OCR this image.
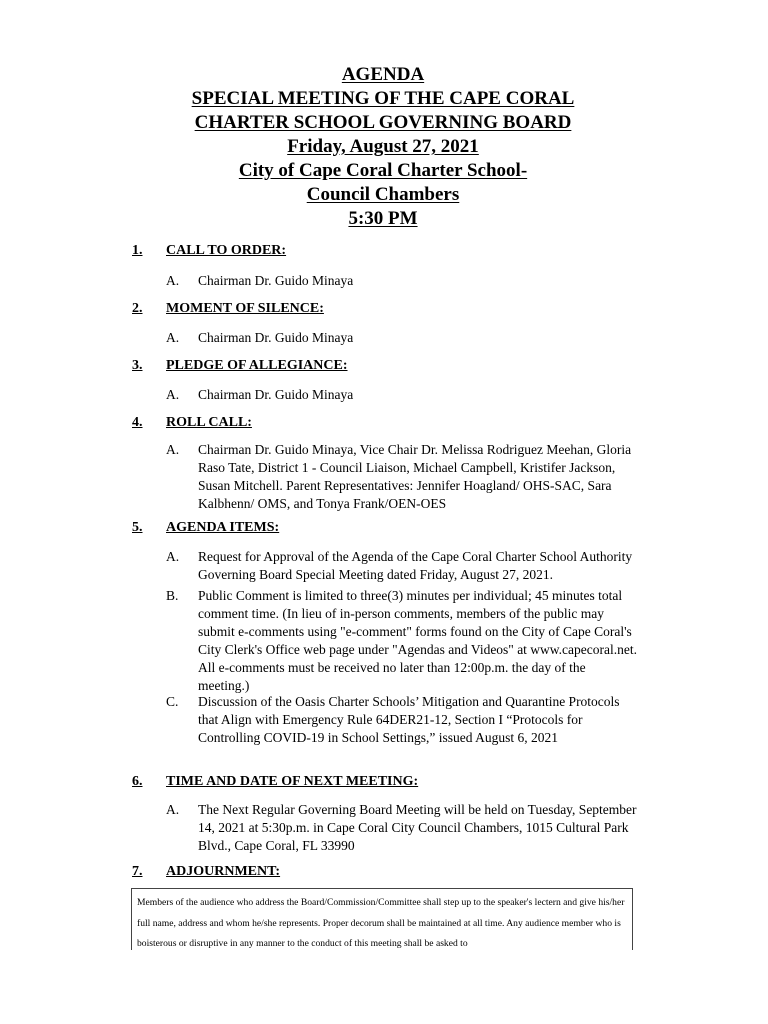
AGENDA
SPECIAL MEETING OF THE CAPE CORAL
CHARTER SCHOOL GOVERNING BOARD
Friday, August 27, 2021
City of Cape Coral Charter School-
Council Chambers
5:30 PM
1. CALL TO ORDER:
A. Chairman Dr. Guido Minaya
2. MOMENT OF SILENCE:
A. Chairman Dr. Guido Minaya
3. PLEDGE OF ALLEGIANCE:
A. Chairman Dr. Guido Minaya
4. ROLL CALL:
A. Chairman Dr. Guido Minaya, Vice Chair Dr. Melissa Rodriguez Meehan, Gloria Raso Tate, District 1 - Council Liaison, Michael Campbell, Kristifer Jackson, Susan Mitchell. Parent Representatives: Jennifer Hoagland/ OHS-SAC, Sara Kalbhenn/ OMS, and Tonya Frank/OEN-OES
5. AGENDA ITEMS:
A. Request for Approval of the Agenda of the Cape Coral Charter School Authority Governing Board Special Meeting dated Friday, August 27, 2021.
B. Public Comment is limited to three(3) minutes per individual; 45 minutes total comment time. (In lieu of in-person comments, members of the public may submit e-comments using "e-comment" forms found on the City of Cape Coral's City Clerk's Office web page under "Agendas and Videos" at www.capecoral.net. All e-comments must be received no later than 12:00p.m. the day of the meeting.)
C. Discussion of the Oasis Charter Schools’ Mitigation and Quarantine Protocols that Align with Emergency Rule 64DER21-12, Section I “Protocols for Controlling COVID-19 in School Settings,” issued August 6, 2021
6. TIME AND DATE OF NEXT MEETING:
A. The Next Regular Governing Board Meeting will be held on Tuesday, September 14, 2021 at 5:30p.m. in Cape Coral City Council Chambers, 1015 Cultural Park Blvd., Cape Coral, FL 33990
7. ADJOURNMENT:
Members of the audience who address the Board/Commission/Committee shall step up to the speaker's lectern and give his/her full name, address and whom he/she represents. Proper decorum shall be maintained at all time. Any audience member who is boisterous or disruptive in any manner to the conduct of this meeting shall be asked to
